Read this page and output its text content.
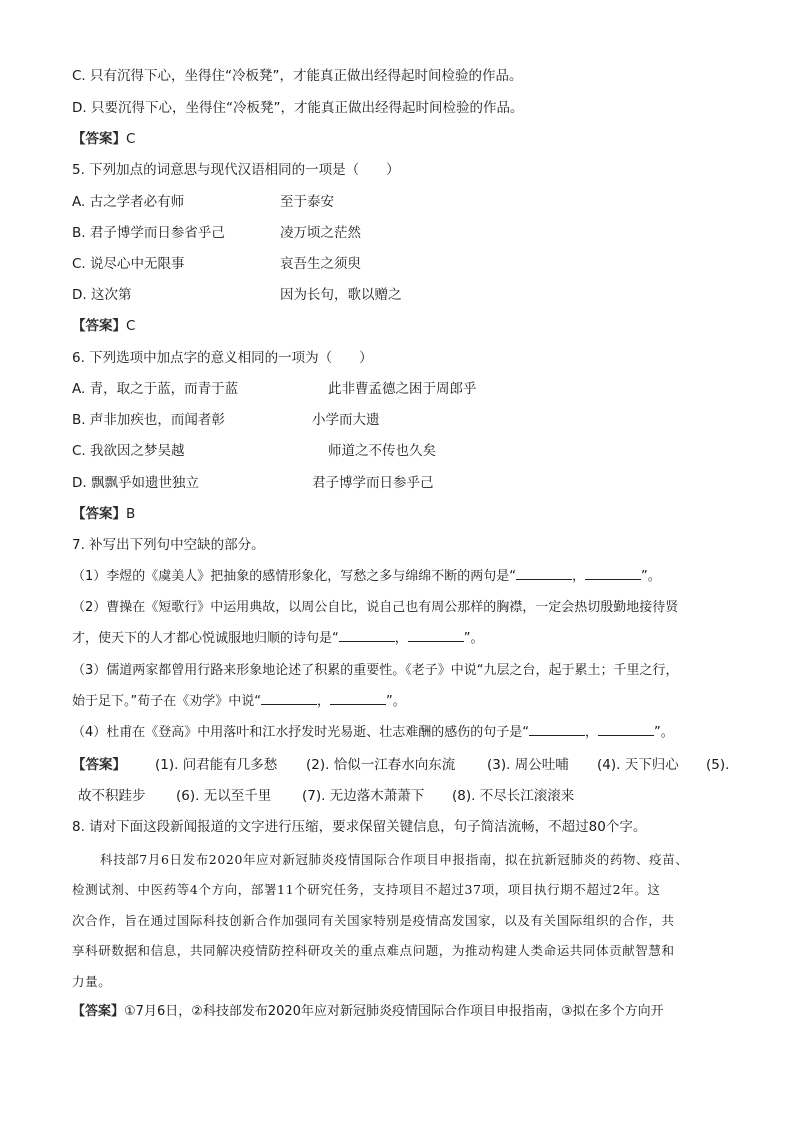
C. 只有沉得下心，坐得住“冷板凳”，才能真正做出经得起时间检验的作品。
D. 只要沉得下心，坐得住“冷板凳”，才能真正做出经得起时间检验的作品。
【答案】C
5. 下列加点的词意思与现代汉语相同的一项是（　　）
A. 古之学者必有师	至于泰安
B. 君子博学而日参省乎己	凌万顷之茫然
C. 说尽心中无限事	哀吾生之须臾
D. 这次第	因为长句，歌以赠之
【答案】C
6. 下列选项中加点字的意义相同的一项为（　　）
A. 青，取之于蓝，而青于蓝	此非曹孟德之困于周郎乎
B. 声非加疾也，而闻者彰	小学而大遗
C. 我欲因之梦吴越	师道之不传也久矣
D. 飘飘乎如遗世独立	君子博学而日参乎己
【答案】B
7. 补写出下列句中空缺的部分。
（1）李煜的《虞美人》把抽象的感情形象化，写愁之多与绵绵不断的两句是“	，	”。
（2）曹操在《短歌行》中运用典故，以周公自比，说自己也有周公那样的胸襟，一定会热切殷勤地接待贤
才，使天下的人才都心悦诚服地归顺的诗句是“	，	”。
（3）儒道两家都曾用行路来形象地论述了积累的重要性。《老子》中说“九层之台，起于累土；千里之行，
始于足下。”荀子在《劝学》中说“	，	”。
（4）杜甫在《登高》中用落叶和江水抒发时光易逝、壮志难酬的感伤的句子是“	，	”。
【答案】 (1). 问君能有几多愁 (2). 恰似一江春水向东流 (3). 周公吐哺 (4). 天下归心 (5).
故不积跬步 (6). 无以至千里 (7). 无边落木萧萧下 (8). 不尽长江滚滚来
8. 请对下面这段新闻报道的文字进行压缩，要求保留关键信息，句子简洁流畅，不超过80个字。
科技部7月6日发布2020年应对新冠肺炎疫情国际合作项目申报指南，拟在抗新冠肺炎的药物、疫苗、
检测试剂、中医药等4个方向，部署11个研究任务，支持项目不超过37项，项目执行期不超过2年。这
次合作，旨在通过国际科技创新合作加强同有关国家特别是疫情高发国家，以及有关国际组织的合作，共
享科研数据和信息，共同解决疫情防控科研攻关的重点难点问题，为推动构建人类命运共同体贡献智慧和
力量。
【答案】①7月6日，②科技部发布2020年应对新冠肺炎疫情国际合作项目申报指南，③拟在多个方向开
